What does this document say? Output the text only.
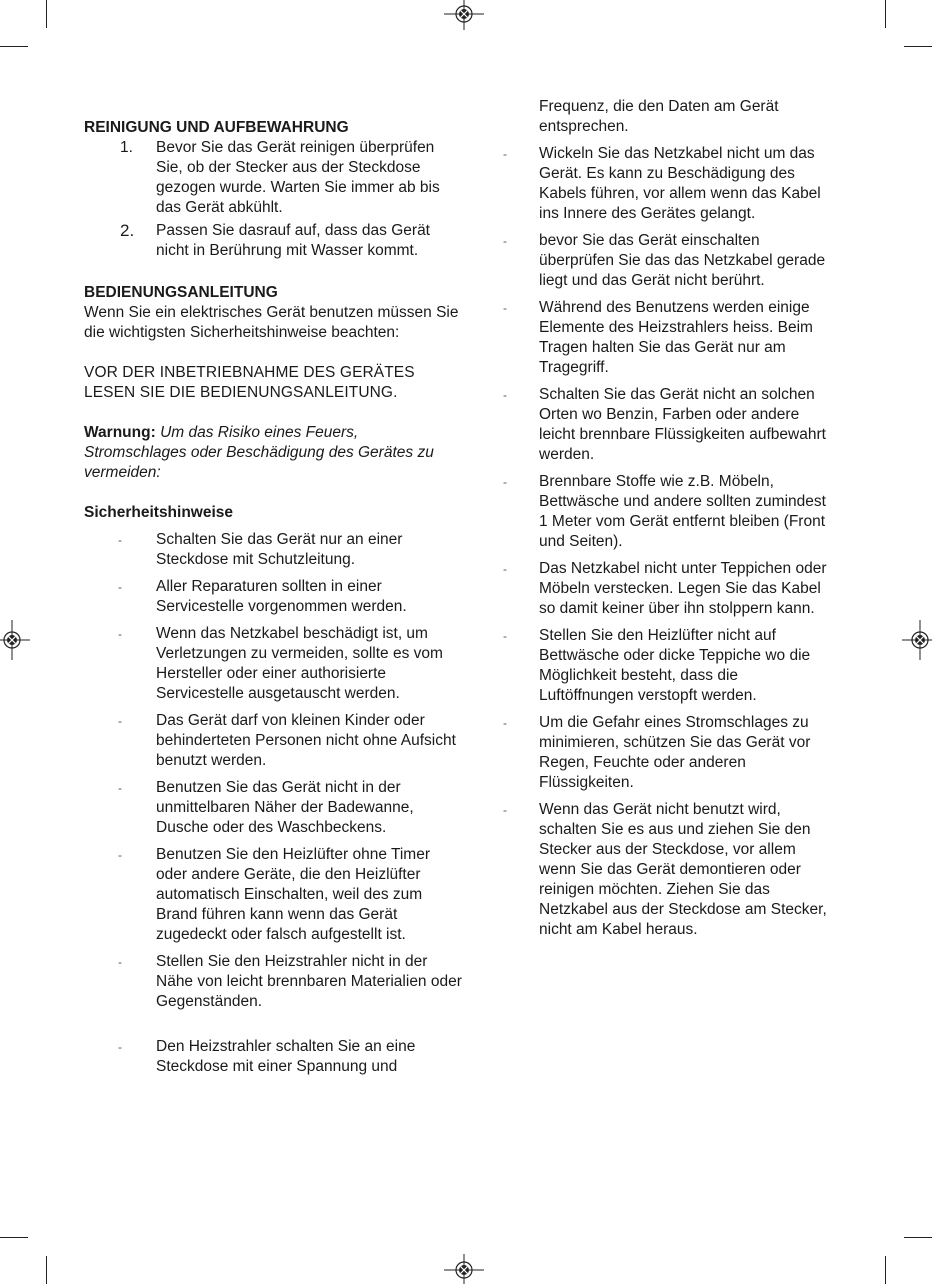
REINIGUNG UND AUFBEWAHRUNG

1. Bevor Sie das Gerät reinigen überprüfen Sie, ob der Stecker aus der Steckdose gezogen wurde. Warten Sie immer ab bis das Gerät abkühlt.
2. Passen Sie dasrauf auf, dass das Gerät nicht in Berührung mit Wasser kommt.

BEDIENUNGSANLEITUNG

Wenn Sie ein elektrisches Gerät benutzen müssen Sie die wichtigsten Sicherheitshinweise beachten:

VOR DER INBETRIEBNAHME DES GERÄTES LESEN SIE DIE BEDIENUNGSANLEITUNG.

Warnung: Um das Risiko eines Feuers, Stromschlages oder Beschädigung des Gerätes zu vermeiden:

Sicherheitshinweise

- Schalten Sie das Gerät nur an einer Steckdose mit Schutzleitung.
- Aller Reparaturen sollten in einer Servicestelle vorgenommen werden.
- Wenn das Netzkabel beschädigt ist, um Verletzungen zu vermeiden, sollte es vom Hersteller oder einer authorisierte Servicestelle ausgetauscht werden.
- Das Gerät darf von kleinen Kinder oder behinderteten Personen nicht ohne Aufsicht benutzt werden.
- Benutzen Sie das Gerät nicht in der unmittelbaren Näher der Badewanne, Dusche oder des Waschbeckens.
- Benutzen Sie den Heizlüfter ohne Timer oder andere Geräte, die den Heizlüfter automatisch Einschalten, weil des zum Brand führen kann wenn das Gerät zugedeckt oder falsch aufgestellt ist.
- Stellen Sie den Heizstrahler nicht in der Nähe von leicht brennbaren Materialien oder Gegenständen.
- Den Heizstrahler schalten Sie an eine Steckdose mit einer Spannung und

Frequenz, die den Daten am Gerät entsprechen.

- Wickeln Sie das Netzkabel nicht um das Gerät. Es kann zu Beschädigung des Kabels führen, vor allem wenn das Kabel ins Innere des Gerätes gelangt.
- bevor Sie das Gerät einschalten überprüfen Sie das das Netzkabel gerade liegt und das Gerät nicht berührt.
- Während des Benutzens werden einige Elemente des Heizstrahlers heiss. Beim Tragen halten Sie das Gerät nur am Tragegriff.
- Schalten Sie das Gerät nicht an solchen Orten wo Benzin, Farben oder andere leicht brennbare Flüssigkeiten aufbewahrt werden.
- Brennbare Stoffe wie z.B. Möbeln, Bettwäsche und andere sollten zumindest 1 Meter vom Gerät entfernt bleiben (Front und Seiten).
- Das Netzkabel nicht unter Teppichen oder Möbeln verstecken. Legen Sie das Kabel so damit keiner über ihn stolppern kann.
- Stellen Sie den Heizlüfter nicht auf Bettwäsche oder dicke Teppiche wo die Möglichkeit besteht, dass die Luftöffnungen verstopft werden.
- Um die Gefahr eines Stromschlages zu minimieren, schützen Sie das Gerät vor Regen, Feuchte oder anderen Flüssigkeiten.
- Wenn das Gerät nicht benutzt wird, schalten Sie es aus und ziehen Sie den Stecker aus der Steckdose, vor allem wenn Sie das Gerät demontieren oder reinigen möchten. Ziehen Sie das Netzkabel aus der Steckdose am Stecker, nicht am Kabel heraus.
